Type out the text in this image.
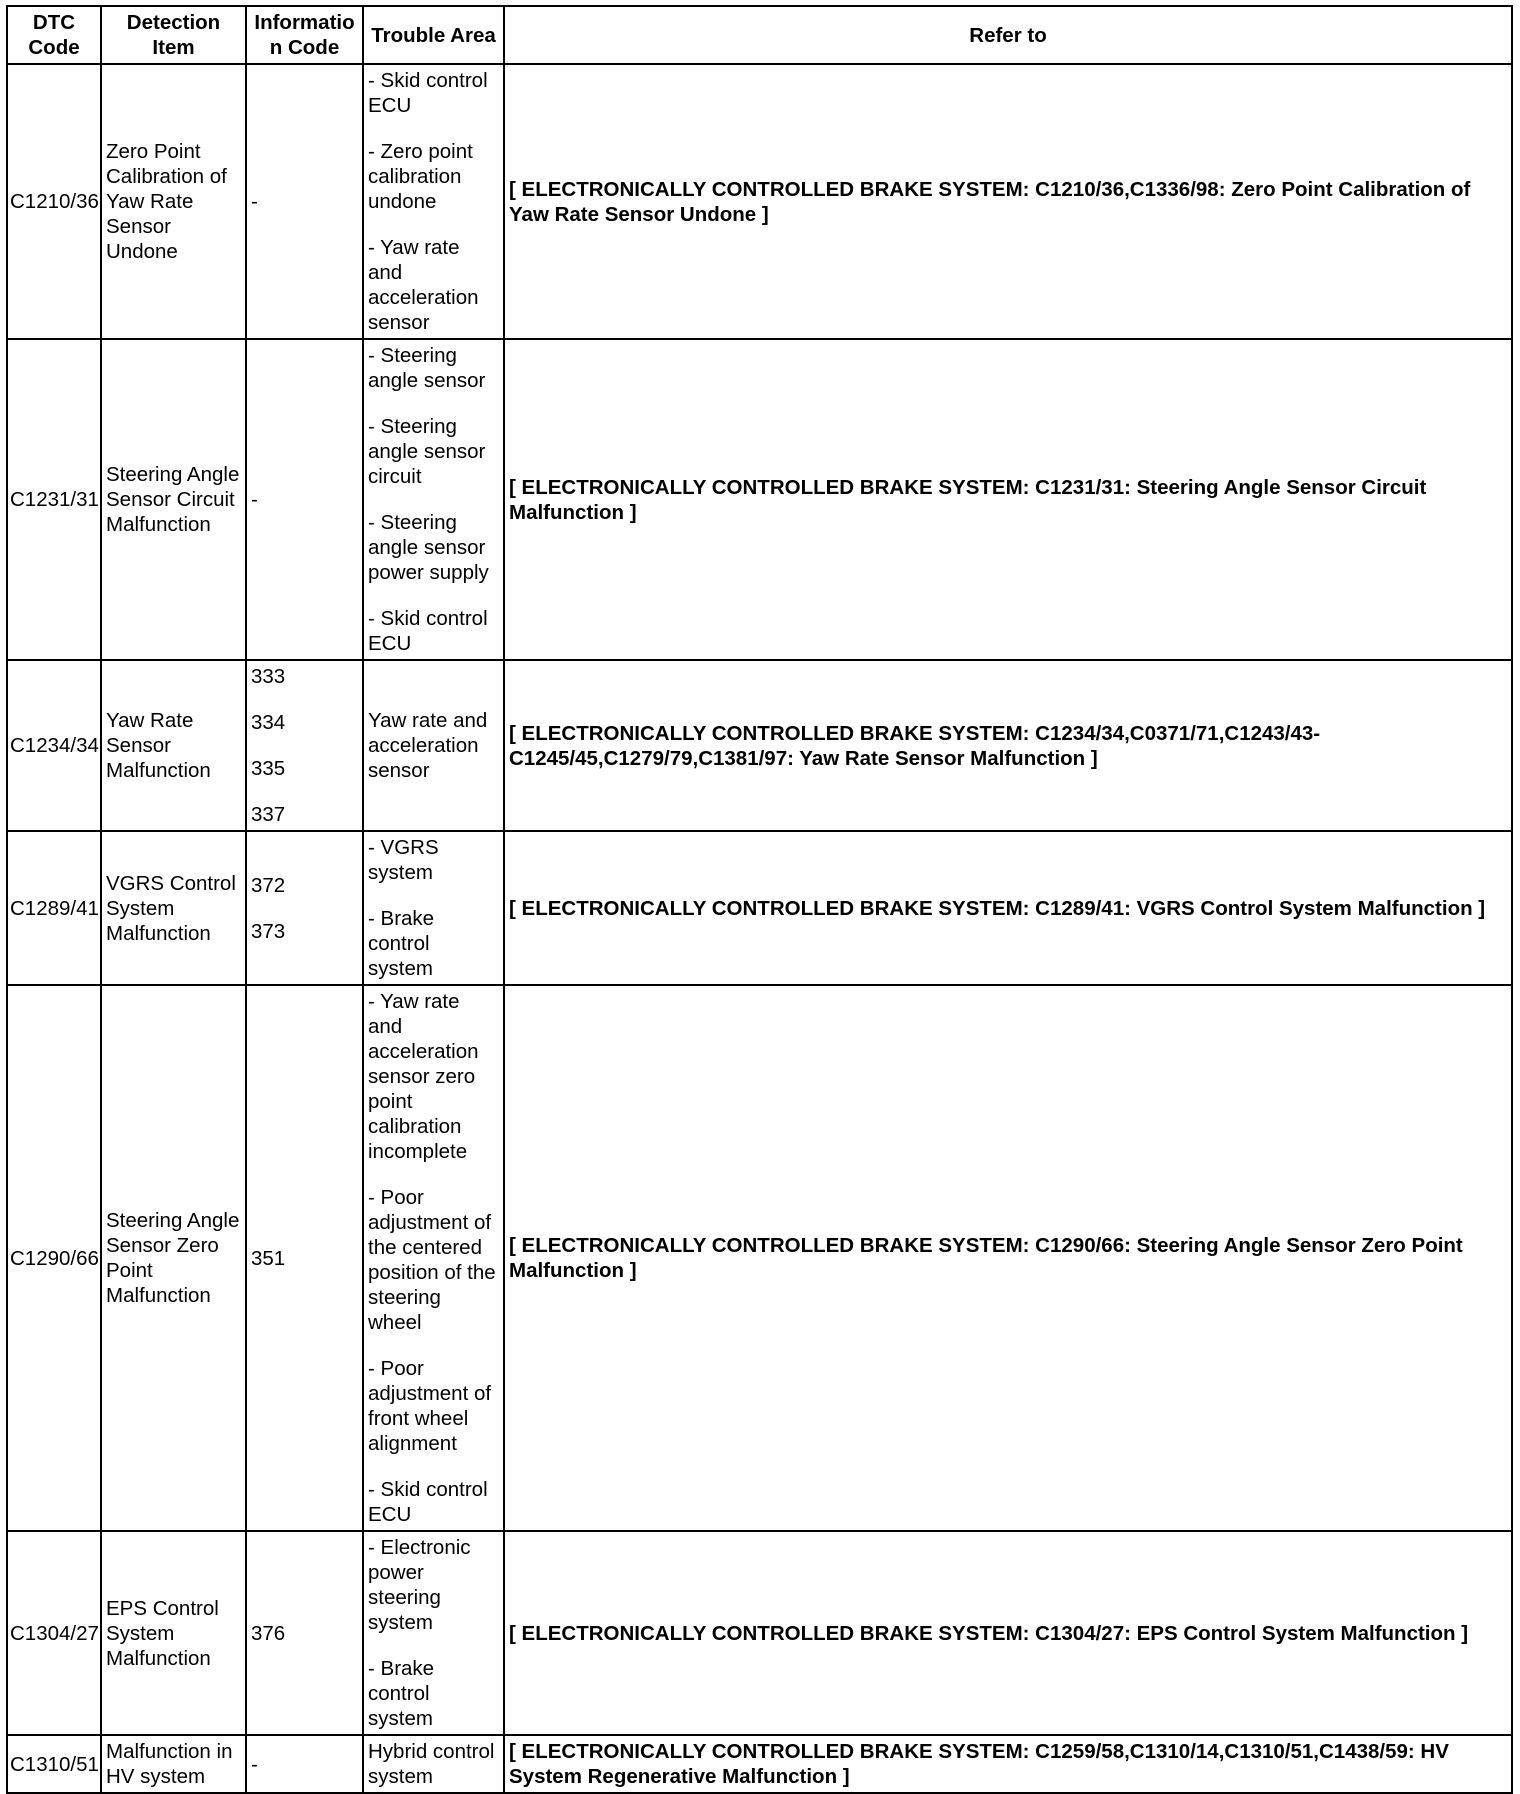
DTC Code	Detection Item	Information Code	Trouble Area	Refer to
C1210/36	Zero Point Calibration of Yaw Rate Sensor Undone	-	- Skid control ECU
- Zero point calibration undone
- Yaw rate and acceleration sensor	[ ELECTRONICALLY CONTROLLED BRAKE SYSTEM: C1210/36,C1336/98: Zero Point Calibration of Yaw Rate Sensor Undone ]
C1231/31	Steering Angle Sensor Circuit Malfunction	-	- Steering angle sensor
- Steering angle sensor circuit
- Steering angle sensor power supply
- Skid control ECU	[ ELECTRONICALLY CONTROLLED BRAKE SYSTEM: C1231/31: Steering Angle Sensor Circuit Malfunction ]
C1234/34	Yaw Rate Sensor Malfunction	333
334
335
337	Yaw rate and acceleration sensor	[ ELECTRONICALLY CONTROLLED BRAKE SYSTEM: C1234/34,C0371/71,C1243/43-C1245/45,C1279/79,C1381/97: Yaw Rate Sensor Malfunction ]
C1289/41	VGRS Control System Malfunction	372
373	- VGRS system
- Brake control system	[ ELECTRONICALLY CONTROLLED BRAKE SYSTEM: C1289/41: VGRS Control System Malfunction ]
C1290/66	Steering Angle Sensor Zero Point Malfunction	351	- Yaw rate and acceleration sensor zero point calibration incomplete
- Poor adjustment of the centered position of the steering wheel
- Poor adjustment of front wheel alignment
- Skid control ECU	[ ELECTRONICALLY CONTROLLED BRAKE SYSTEM: C1290/66: Steering Angle Sensor Zero Point Malfunction ]
C1304/27	EPS Control System Malfunction	376	- Electronic power steering system
- Brake control system	[ ELECTRONICALLY CONTROLLED BRAKE SYSTEM: C1304/27: EPS Control System Malfunction ]
C1310/51	Malfunction in HV system	-	Hybrid control system	[ ELECTRONICALLY CONTROLLED BRAKE SYSTEM: C1259/58,C1310/14,C1310/51,C1438/59: HV System Regenerative Malfunction ]
